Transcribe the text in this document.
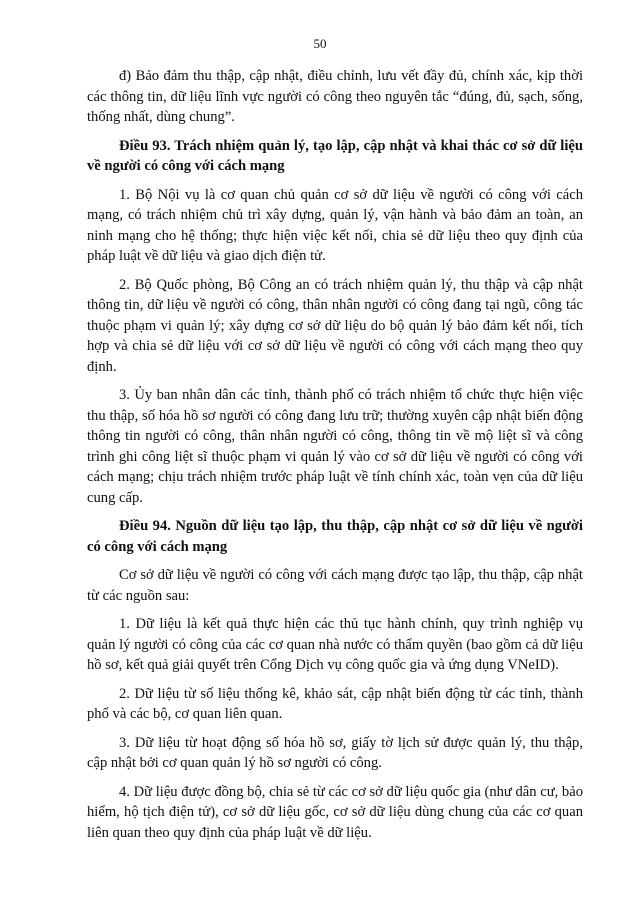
50

đ) Bảo đảm thu thập, cập nhật, điều chỉnh, lưu vết đầy đủ, chính xác, kịp thời các thông tin, dữ liệu lĩnh vực người có công theo nguyên tắc “đúng, đủ, sạch, sống, thống nhất, dùng chung”.

Điều 93. Trách nhiệm quản lý, tạo lập, cập nhật và khai thác cơ sở dữ liệu về người có công với cách mạng

1. Bộ Nội vụ là cơ quan chủ quản cơ sở dữ liệu về người có công với cách mạng, có trách nhiệm chủ trì xây dựng, quản lý, vận hành và bảo đảm an toàn, an ninh mạng cho hệ thống; thực hiện việc kết nối, chia sẻ dữ liệu theo quy định của pháp luật về dữ liệu và giao dịch điện tử.

2. Bộ Quốc phòng, Bộ Công an có trách nhiệm quản lý, thu thập và cập nhật thông tin, dữ liệu về người có công, thân nhân người có công đang tại ngũ, công tác thuộc phạm vi quản lý; xây dựng cơ sở dữ liệu do bộ quản lý bảo đảm kết nối, tích hợp và chia sẻ dữ liệu với cơ sở dữ liệu về người có công với cách mạng theo quy định.

3. Ủy ban nhân dân các tỉnh, thành phố có trách nhiệm tổ chức thực hiện việc thu thập, số hóa hồ sơ người có công đang lưu trữ; thường xuyên cập nhật biến động thông tin người có công, thân nhân người có công, thông tin về mộ liệt sĩ và công trình ghi công liệt sĩ thuộc phạm vi quản lý vào cơ sở dữ liệu về người có công với cách mạng; chịu trách nhiệm trước pháp luật về tính chính xác, toàn vẹn của dữ liệu cung cấp.

Điều 94. Nguồn dữ liệu tạo lập, thu thập, cập nhật cơ sở dữ liệu về người có công với cách mạng

Cơ sở dữ liệu về người có công với cách mạng được tạo lập, thu thập, cập nhật từ các nguồn sau:

1. Dữ liệu là kết quả thực hiện các thủ tục hành chính, quy trình nghiệp vụ quản lý người có công của các cơ quan nhà nước có thẩm quyền (bao gồm cả dữ liệu hồ sơ, kết quả giải quyết trên Cổng Dịch vụ công quốc gia và ứng dụng VNeID).

2. Dữ liệu từ số liệu thống kê, khảo sát, cập nhật biến động từ các tỉnh, thành phố và các bộ, cơ quan liên quan.

3. Dữ liệu từ hoạt động số hóa hồ sơ, giấy tờ lịch sử được quản lý, thu thập, cập nhật bởi cơ quan quản lý hồ sơ người có công.

4. Dữ liệu được đồng bộ, chia sẻ từ các cơ sở dữ liệu quốc gia (như dân cư, bảo hiểm, hộ tịch điện tử), cơ sở dữ liệu gốc, cơ sở dữ liệu dùng chung của các cơ quan liên quan theo quy định của pháp luật về dữ liệu.
